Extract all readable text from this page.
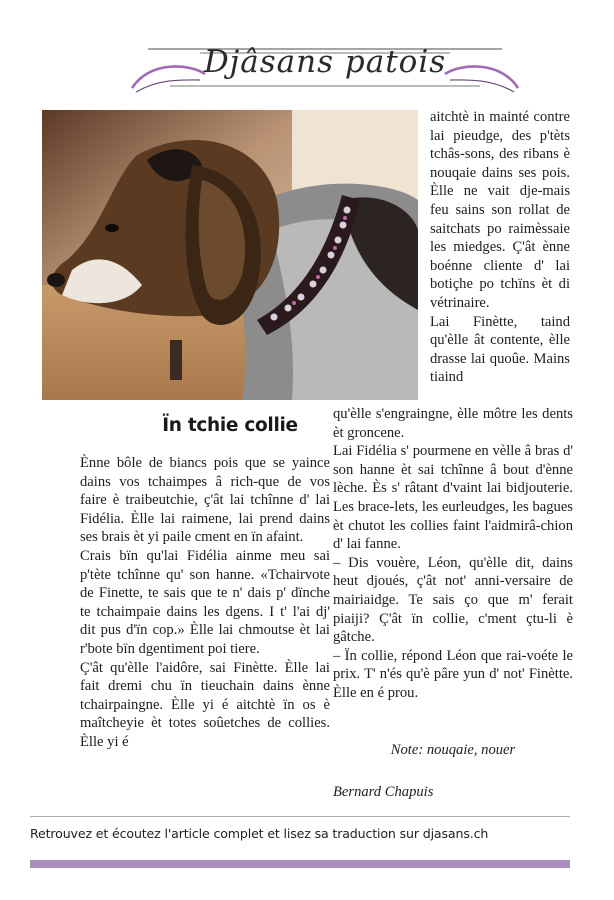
Djâsans patois
Ïn tchie collie

Ènne bôle de biancs pois que se yaince dains vos tchaimpes â rich-que de vos faire è traibeutchie, ç'ât lai tchînne d' lai Fidélia. Èlle lai raimene, lai prend dains ses brais èt yi paile cment en ïn afaint.

Crais bïn qu'lai Fidélia ainme meu sai p'tète tchînne qu' son hanne. «Tchairvote de Finette, te sais que te n' dais p' dïnche te tchaimpaie dains les dgens. I t' l'ai dj' dit pus d'ïn cop.» Èlle lai chmoutse èt lai r'bote bïn dgentiment poi tiere.

Ç'ât qu'èlle l'aidôre, sai Finètte. Èlle lai fait dremi chu ïn tieuchain dains ènne tchairpaingne. Èlle yi é aitchtè ïn os è maîtcheyie èt totes soûetches de collies. Èlle yi é

aitchtè in mainté contre lai pieudge, des p'tèts tchâs-sons, des ribans è nouqaie dains ses pois. Èlle ne vait dje-mais feu sains son rollat de saitchats po raimèssaie les miedges. Ç'ât ènne boénne cliente d' lai botiçhe po tchïns èt di vétrinaire.

Lai Finètte, taind qu'èlle ât contente, èlle drasse lai quoûe. Mains tiaind

qu'èlle s'engraingne, èlle môtre les dents èt groncene.

Lai Fidélia s' pourmene en vèlle â bras d' son hanne èt sai tchînne â bout d'ènne lèche. Ès s' râtant d'vaint lai bidjouterie. Les brace-lets, les eurleudges, les bagues èt chutot les collies faint l'aidmirâ-chion d' lai fanne.

– Dis vouère, Léon, qu'èlle dit, dains heut djoués, ç'ât not' anni-versaire de mairiaidge. Te sais ço que m' ferait piaiji? Ç'ât ïn collie, c'ment çtu-li è gâtche.

– Ïn collie, répond Léon que rai-voéte le prix. T' n'és qu'è pâre yun d' not' Finètte. Èlle en é prou.

Note: nouqaie, nouer
Bernard Chapuis
Retrouvez et écoutez l'article complet et lisez sa traduction sur djasans.ch
